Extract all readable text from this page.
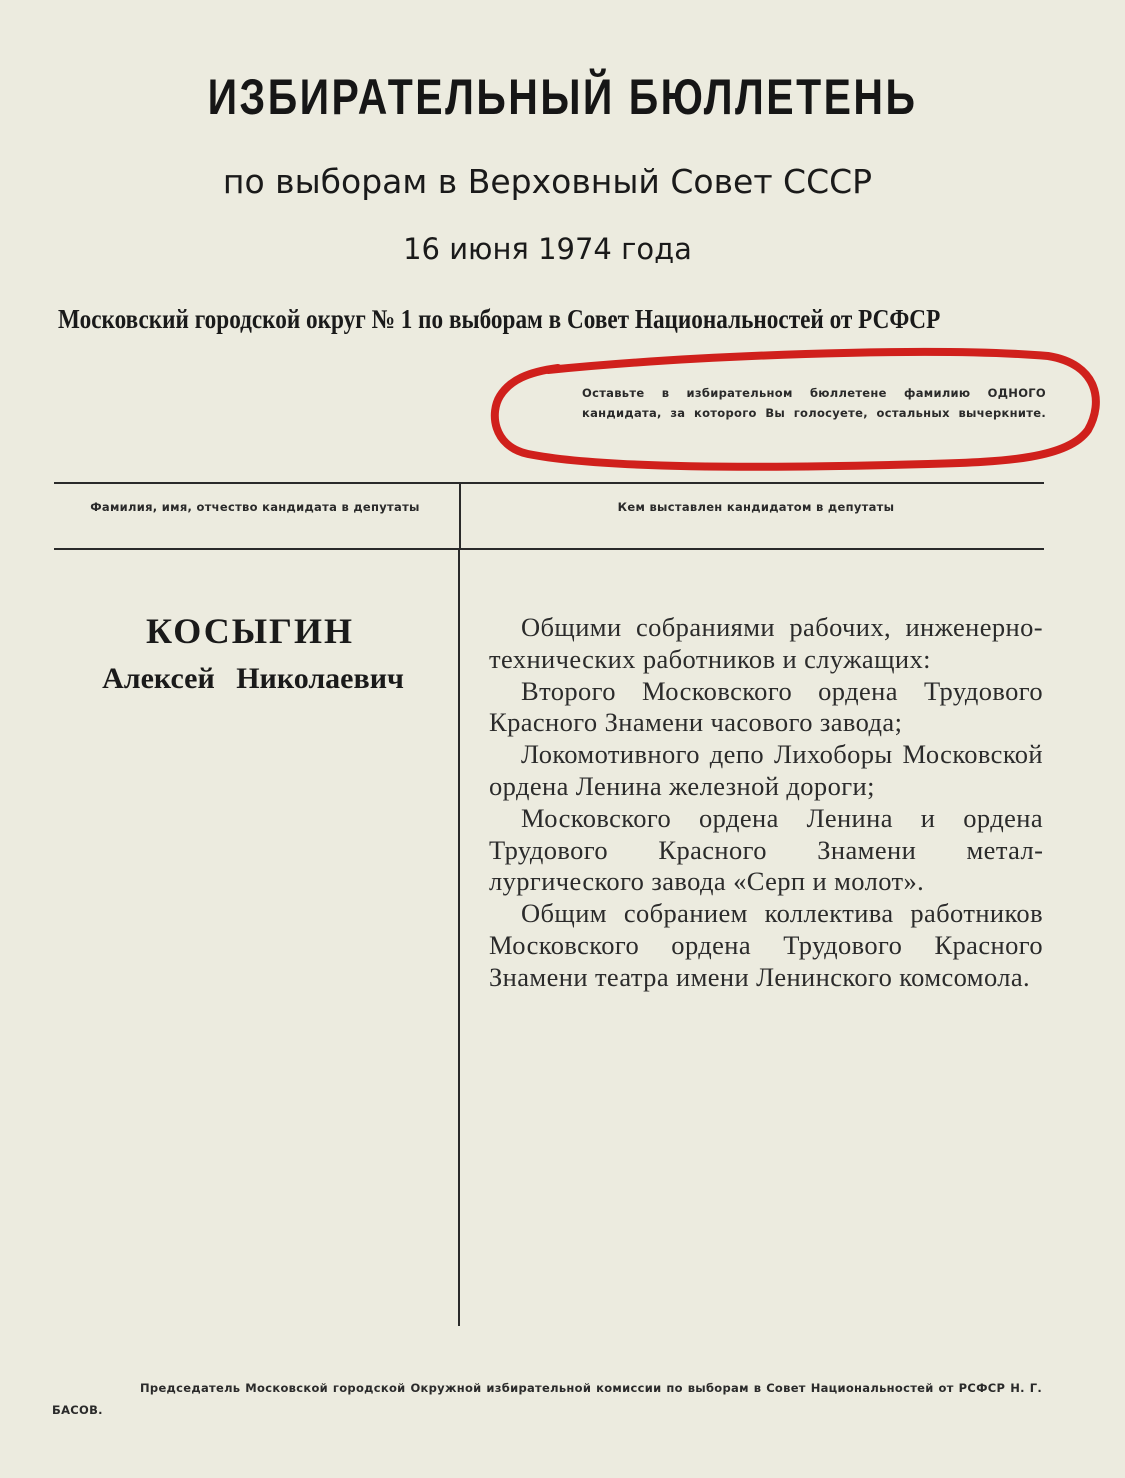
ИЗБИРАТЕЛЬНЫЙ БЮЛЛЕТЕНЬ
по выборам в Верховный Совет СССР
16 июня 1974 года
Московский городской округ № 1 по выборам в Совет Национальностей от РСФСР
Оставьте в избирательном бюллетене фамилию ОДНОГО кандидата, за которого Вы голосуете, остальных вычеркните.
Фамилия, имя, отчество кандидата в депутаты	Кем выставлен кандидатом в депутаты
КОСЫГИН
Алексей Николаевич

Общими собраниями рабочих, инженерно-технических работников и служащих:

Второго Московского ордена Трудового Красного Знамени часового завода;

Локомотивного депо Лихоборы Московской ордена Ленина железной дороги;

Московского ордена Ленина и ордена Трудового Красного Знамени металлургического завода «Серп и молот».

Общим собранием коллектива работников Московского ордена Трудового Красного Знамени театра имени Ленинского комсомола.

Председатель Московской городской Окружной избирательной комиссии по выборам в Совет Национальностей от РСФСР Н. Г. БАСОВ.
